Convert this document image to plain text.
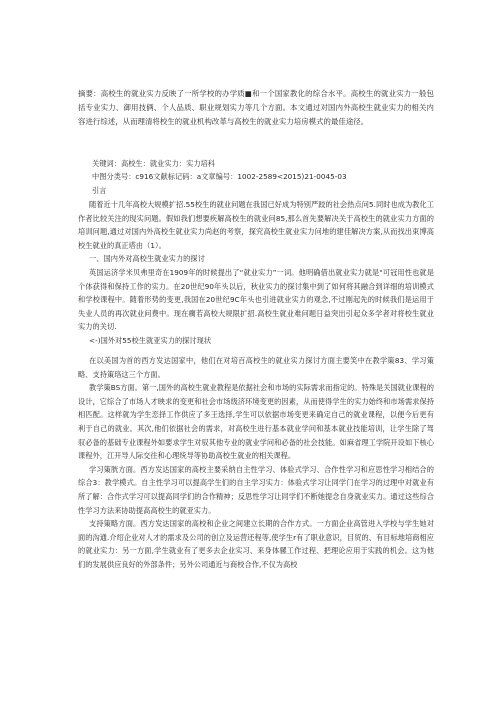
摘要：高校生的就业实力反映了一所学校的办学质■和一个国家教化的综合水平。高校生的就业实力一般包括专业实力、御用技俩、个人品质、职业规划实力等几个方面。本文通过对国内外高校生就业实力的相关内容进行综述，从而理清将校生的就业机构改革与高校生的就业实力培房模式的最佳途径。

关键词：高校生：就业实力：实力培科

中图分类号：c916文献标记码：a文章编号：1002-2589<2015)21-0045-03

引言

随着近十几年高校大规模扩招.55校生的就业问题在我国已好成为特别严跤的社会热点问5.同时也成为教化工作者比较关注的现实问题。假如我们想要疾解高校生的就业问85,那么首先要解决关于高校生的就业实力方面的培训问题,通过对国内外高校生就业实力尚赵的考察，探究高校生就业实力问地的建佳解决方案,从而找出束博高校生就业的真正塔由（1）。

一、国内外对高校生就业实力的探讨

英国运济学米贝弗里奇在1909年的时候提出了“就业实力”一词。他明确借出就业实力就是"可冠用性也就是个体获得和保持工作的实力。在20世纪90年头以后，秋业实力的探讨集中到了如何将其融合到详细的培训模式和学校课程中。随着形势的变更,我国在20世纪9C年头也引进就业实力的观念,不过刚起先的时候我们是运用于失业人员的再次就业问费中。现在瘸若高校大规限扩招.高校生就业难问题日益突出引起众多学者对将校生就业实力的关切.

<-)国外对55校生就亚实力的探讨现状

在以美国为首的西方发达国家中，他们在对培百高校生的就业实力探讨方面主要笑中在教学策83、学习策略、支持策珞这三个方面。

教学策BS方面。第一,国外的高校生就业教程是依据社会和市场的实际需求而指定的。特殊是关国就业课程的设计，它综合了市场人才映求的变更和社会市场级济环境变更的因素，从而使得学生的实力始终和市场需求保持相匹配。这样就为学生恋择工作供应了多王选择,学生可以依据市场变更来确定自己的就业课程，以便今后更有利于自己的就业。其次,他们依据社会的需求，对高校生进行基本就业学问和基本就业技能培训，让学生除了驾驭必备的基础专业课程外如要求学生对驭其他专业的就业学问和必备的社会技能。如麻省理工学院开设如下核心课程外，江开导人际交往和心理统导等协助高校生就业的相关课程。

学习策胱方面。西方发达国家的高校主要采纳自主性学习、体验式学习、合作性学习和应思性学习相结合的综合3：教学模式。自主性学习可以提高学生们的自主学习实力：体验式学习让同学门在学习的过理中对就业有所了解：合作式学习可以提高同学们的合作精神；反思性学习让同学们不断她提念自身就业实力。通过这些综合性学习方法来协助提高高校生的就亚实力。

支持策略方面。西方发达国家的高校和企业之间建立长期的合作方式。一方面企业高管进入学校与学生她对面的沟通.介绍企业对人才的需求及公司的创立及运营还程等,使学生r有了职业意识，目贸的、有目标地培商相应的就业实力：另一方面,学生就业有了更多去企业实习、来身体骡工作过程、把理论应用于实践的机会。这为他们的发展供应良好的外部条件；另外公司通近与商校合作,不仅为高校
